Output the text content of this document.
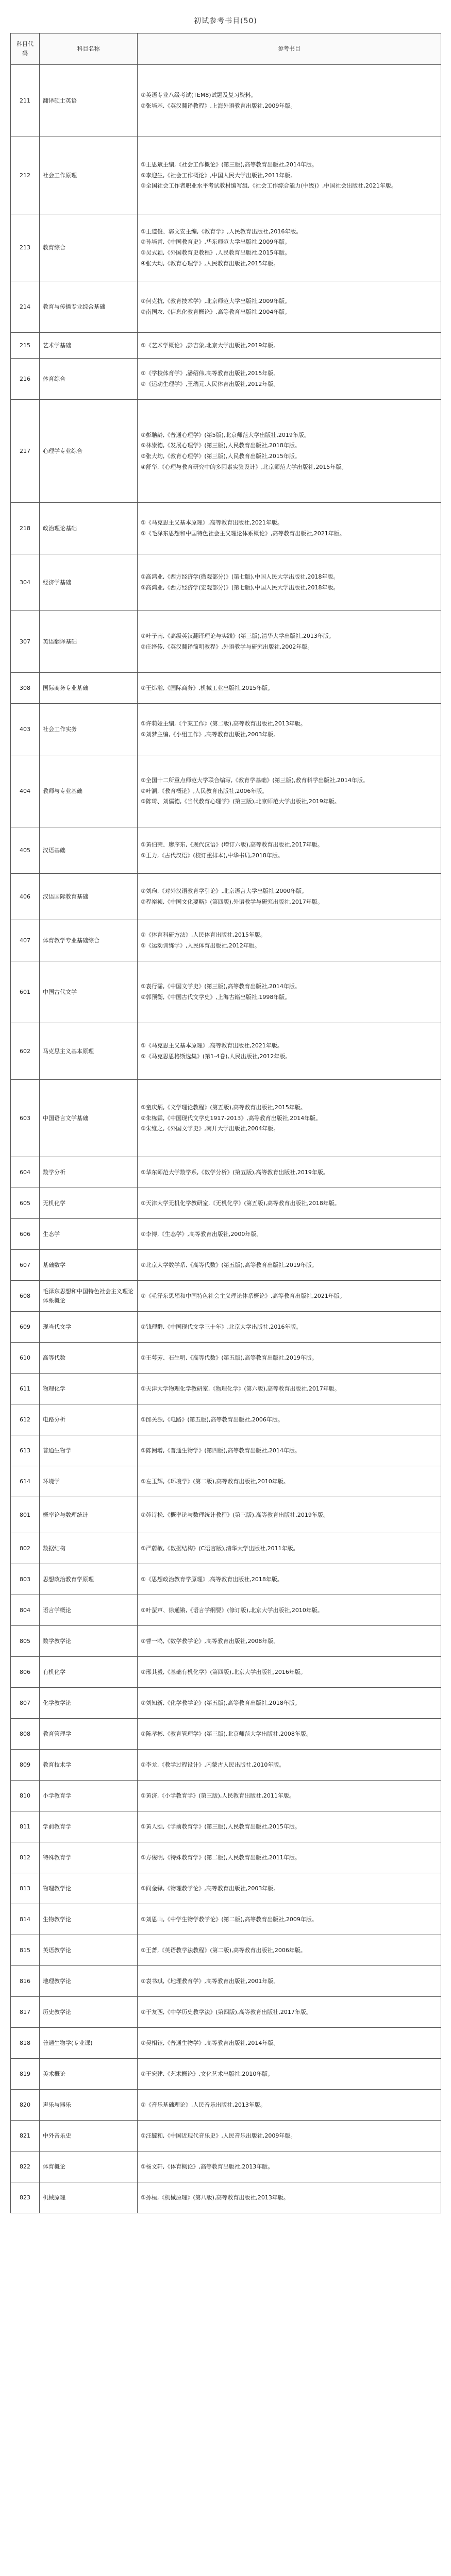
初试参考书目(50)
科目代码	科目名称	参考书目
211	翻译硕士英语	①英语专业八级考试(TEM8)试题及复习资料。

②张培基,《英汉翻译教程》,上海外语教育出版社,2009年版。

212	社会工作原理	①王思斌主编,《社会工作概论》(第三版),高等教育出版社,2014年版。

②李迎生,《社会工作概论》,中国人民大学出版社,2011年版。

③全国社会工作者职业水平考试教材编写组,《社会工作综合能力(中级)》,中国社会出版社,2021年版。

213	教育综合	①王道俊、郭文安主编,《教育学》,人民教育出版社,2016年版。

②孙培青,《中国教育史》,华东师范大学出版社,2009年版。

③吴式颖,《外国教育史教程》,人民教育出版社,2015年版。

④张大均,《教育心理学》,人民教育出版社,2015年版。

214	教育与传播专业综合基础	①何克抗,《教育技术学》,北京师范大学出版社,2009年版。

②南国农,《信息化教育概论》,高等教育出版社,2004年版。

215	艺术学基础	①《艺术学概论》,彭吉象,北京大学出版社,2019年版。

216	体育综合	①《学校体育学》,潘绍伟,高等教育出版社,2015年版。

②《运动生理学》,王瑞元,人民体育出版社,2012年版。

217	心理学专业综合	①彭聃龄,《普通心理学》(第5版),北京师范大学出版社,2019年版。

②林崇德,《发展心理学》(第三版),人民教育出版社,2018年版。

③张大均,《教育心理学》(第三版),人民教育出版社,2015年版。

④舒华,《心理与教育研究中的多因素实验设计》,北京师范大学出版社,2015年版。

218	政治理论基础	①《马克思主义基本原理》,高等教育出版社,2021年版。

②《毛泽东思想和中国特色社会主义理论体系概论》,高等教育出版社,2021年版。

304	经济学基础	①高鸿业,《西方经济学(微观部分)》(第七版),中国人民大学出版社,2018年版。

②高鸿业,《西方经济学(宏观部分)》(第七版),中国人民大学出版社,2018年版。

307	英语翻译基础	①叶子南,《高级英汉翻译理论与实践》(第三版),清华大学出版社,2013年版。

②庄绎传,《英汉翻译简明教程》,外语教学与研究出版社,2002年版。

308	国际商务专业基础	①王炜瀚,《国际商务》,机械工业出版社,2015年版。

403	社会工作实务	①许莉娅主编,《个案工作》(第二版),高等教育出版社,2013年版。

②刘梦主编,《小组工作》,高等教育出版社,2003年版。

404	教师与专业基础	①全国十二所重点师范大学联合编写,《教育学基础》(第三版),教育科学出版社,2014年版。

②叶澜,《教育概论》,人民教育出版社,2006年版。

③陈琦、刘儒德,《当代教育心理学》(第三版),北京师范大学出版社,2019年版。

405	汉语基础	①黄伯荣、廖序东,《现代汉语》(增订六版),高等教育出版社,2017年版。

②王力,《古代汉语》(校订重排本),中华书局,2018年版。

406	汉语国际教育基础	①刘珣,《对外汉语教育学引论》,北京语言大学出版社,2000年版。

②程裕祯,《中国文化要略》(第四版),外语教学与研究出版社,2017年版。

407	体育教学专业基础综合	①《体育科研方法》,人民体育出版社,2015年版。

②《运动训练学》,人民体育出版社,2012年版。

601	中国古代文学	①袁行霈,《中国文学史》(第三版),高等教育出版社,2014年版。

②郭预衡,《中国古代文学史》,上海古籍出版社,1998年版。

602	马克思主义基本原理	①《马克思主义基本原理》,高等教育出版社,2021年版。

②《马克思恩格斯选集》(第1-4卷),人民出版社,2012年版。

603	中国语言文学基础	①童庆炳,《文学理论教程》(第五版),高等教育出版社,2015年版。

②朱栋霖,《中国现代文学史1917-2013》,高等教育出版社,2014年版。

③朱维之,《外国文学史》,南开大学出版社,2004年版。

604	数学分析	①华东师范大学数学系,《数学分析》(第五版),高等教育出版社,2019年版。

605	无机化学	①天津大学无机化学教研室,《无机化学》(第五版),高等教育出版社,2018年版。

606	生态学	①李博,《生态学》,高等教育出版社,2000年版。

607	基础数学	①北京大学数学系,《高等代数》(第五版),高等教育出版社,2019年版。

608	毛泽东思想和中国特色社会主义理论体系概论	①《毛泽东思想和中国特色社会主义理论体系概论》,高等教育出版社,2021年版。

609	现当代文学	①钱理群,《中国现代文学三十年》,北京大学出版社,2016年版。

610	高等代数	①王萼芳、石生明,《高等代数》(第五版),高等教育出版社,2019年版。

611	物理化学	①天津大学物理化学教研室,《物理化学》(第六版),高等教育出版社,2017年版。

612	电路分析	①邱关源,《电路》(第五版),高等教育出版社,2006年版。

613	普通生物学	①陈阅增,《普通生物学》(第四版),高等教育出版社,2014年版。

614	环境学	①左玉辉,《环境学》(第二版),高等教育出版社,2010年版。

801	概率论与数理统计	①茆诗松,《概率论与数理统计教程》(第三版),高等教育出版社,2019年版。

802	数据结构	①严蔚敏,《数据结构》(C语言版),清华大学出版社,2011年版。

803	思想政治教育学原理	①《思想政治教育学原理》,高等教育出版社,2018年版。

804	语言学概论	①叶蜚声、徐通锵,《语言学纲要》(修订版),北京大学出版社,2010年版。

805	数学教学论	①曹一鸣,《数学教学论》,高等教育出版社,2008年版。

806	有机化学	①邢其毅,《基础有机化学》(第四版),北京大学出版社,2016年版。

807	化学教学论	①刘知新,《化学教学论》(第五版),高等教育出版社,2018年版。

808	教育管理学	①陈孝彬,《教育管理学》(第三版),北京师范大学出版社,2008年版。

809	教育技术学	①李龙,《教学过程设计》,内蒙古人民出版社,2010年版。

810	小学教育学	①黄济,《小学教育学》(第三版),人民教育出版社,2011年版。

811	学前教育学	①黄人颂,《学前教育学》(第三版),人民教育出版社,2015年版。

812	特殊教育学	①方俊明,《特殊教育学》(第二版),人民教育出版社,2011年版。

813	物理教学论	①阎金铎,《物理教学论》,高等教育出版社,2003年版。

814	生物教学论	①刘恩山,《中学生物学教学论》(第二版),高等教育出版社,2009年版。

815	英语教学论	①王蔷,《英语教学法教程》(第二版),高等教育出版社,2006年版。

816	地理教学论	①袁书琪,《地理教育学》,高等教育出版社,2001年版。

817	历史教学论	①于友西,《中学历史教学法》(第四版),高等教育出版社,2017年版。

818	普通生物学(专业课)	①吴相钰,《普通生物学》,高等教育出版社,2014年版。

819	美术概论	①王宏建,《艺术概论》,文化艺术出版社,2010年版。

820	声乐与器乐	①《音乐基础理论》,人民音乐出版社,2013年版。

821	中外音乐史	①汪毓和,《中国近现代音乐史》,人民音乐出版社,2009年版。

822	体育概论	①杨文轩,《体育概论》,高等教育出版社,2013年版。

823	机械原理	①孙桓,《机械原理》(第八版),高等教育出版社,2013年版。
